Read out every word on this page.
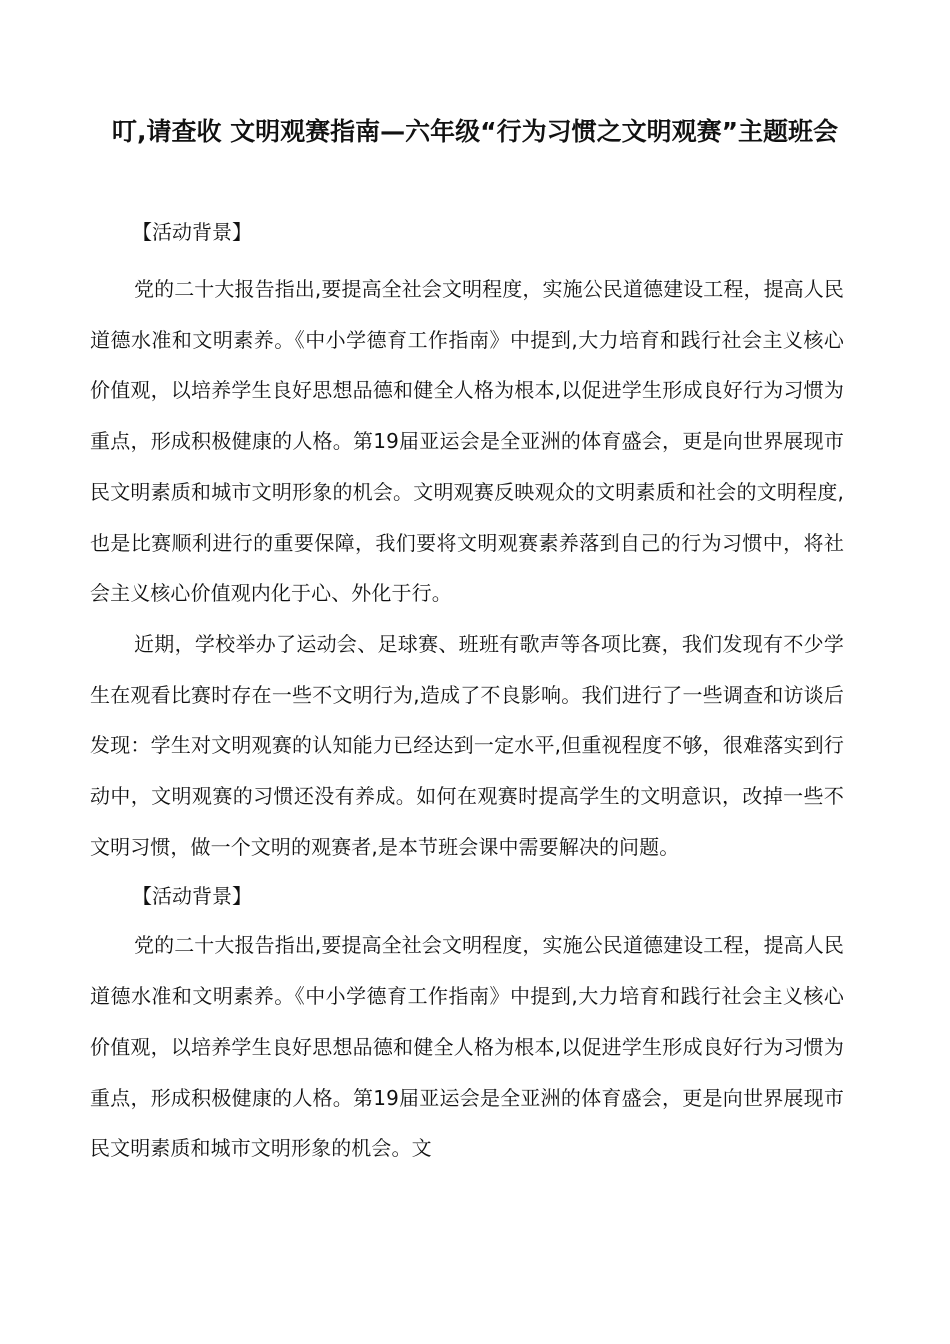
叮,请查收 文明观赛指南—六年级“行为习惯之文明观赛”主题班会

【活动背景】

党的二十大报告指出,要提高全社会文明程度，实施公民道德建设工程，提高人民道德水准和文明素养。《中小学德育工作指南》中提到,大力培育和践行社会主义核心价值观，以培养学生良好思想品德和健全人格为根本,以促进学生形成良好行为习惯为重点，形成积极健康的人格。第19届亚运会是全亚洲的体育盛会，更是向世界展现市民文明素质和城市文明形象的机会。文明观赛反映观众的文明素质和社会的文明程度,也是比赛顺利进行的重要保障，我们要将文明观赛素养落到自己的行为习惯中，将社会主义核心价值观内化于心、外化于行。

近期，学校举办了运动会、足球赛、班班有歌声等各项比赛，我们发现有不少学生在观看比赛时存在一些不文明行为,造成了不良影响。我们进行了一些调查和访谈后发现：学生对文明观赛的认知能力已经达到一定水平,但重视程度不够，很难落实到行动中，文明观赛的习惯还没有养成。如何在观赛时提高学生的文明意识，改掉一些不文明习惯，做一个文明的观赛者,是本节班会课中需要解决的问题。

【活动背景】

党的二十大报告指出,要提高全社会文明程度，实施公民道德建设工程，提高人民道德水准和文明素养。《中小学德育工作指南》中提到,大力培育和践行社会主义核心价值观，以培养学生良好思想品德和健全人格为根本,以促进学生形成良好行为习惯为重点，形成积极健康的人格。第19届亚运会是全亚洲的体育盛会，更是向世界展现市民文明素质和城市文明形象的机会。文
